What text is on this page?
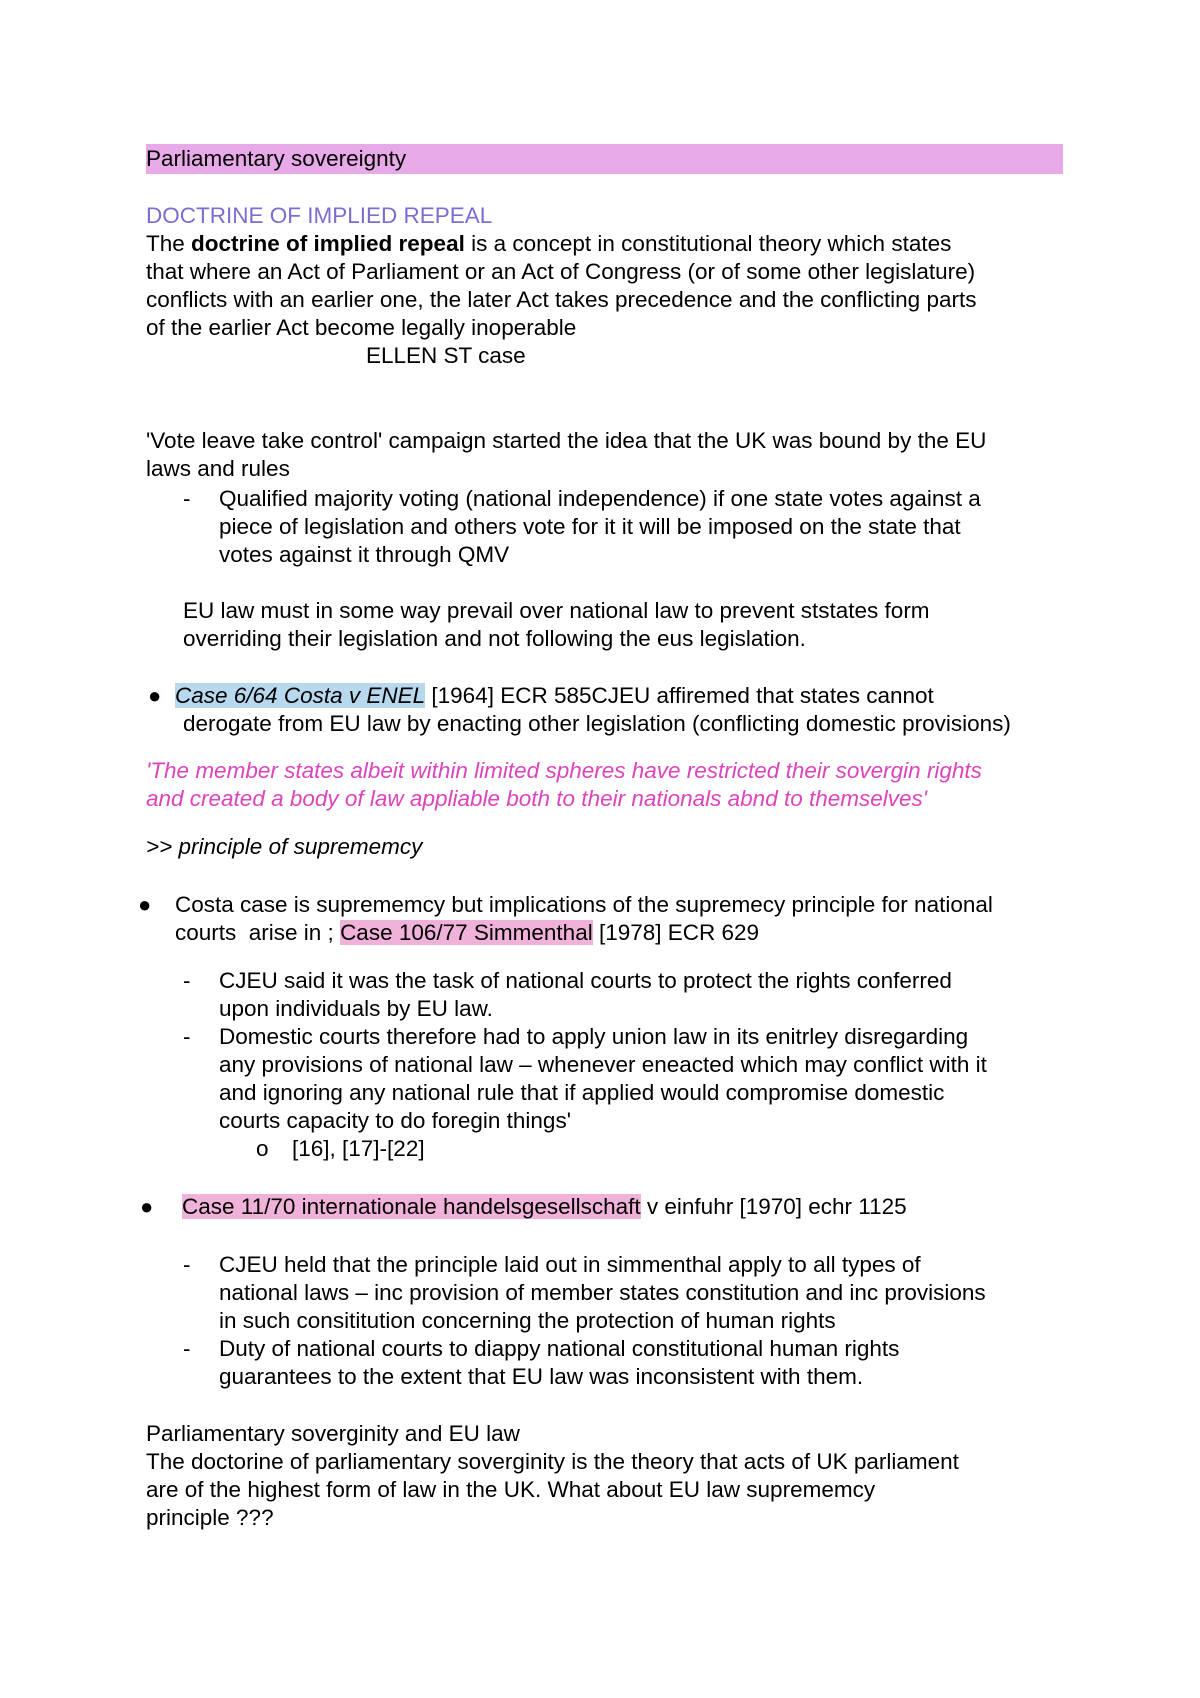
Parliamentary sovereignty
DOCTRINE OF IMPLIED REPEAL
The doctrine of implied repeal is a concept in constitutional theory which states
that where an Act of Parliament or an Act of Congress (or of some other legislature)
conflicts with an earlier one, the later Act takes precedence and the conflicting parts
of the earlier Act become legally inoperable
ELLEN ST case
'Vote leave take control' campaign started the idea that the UK was bound by the EU
laws and rules
- Qualified majority voting (national independence) if one state votes against a
piece of legislation and others vote for it it will be imposed on the state that
votes against it through QMV
EU law must in some way prevail over national law to prevent ststates form
overriding their legislation and not following the eus legislation.
● Case 6/64 Costa v ENEL [1964] ECR 585CJEU affiremed that states cannot
derogate from EU law by enacting other legislation (conflicting domestic provisions)
'The member states albeit within limited spheres have restricted their sovergin rights
and created a body of law appliable both to their nationals abnd to themselves'
>> principle of suprememcy
● Costa case is suprememcy but implications of the supremecy principle for national
courts  arise in ; Case 106/77 Simmenthal [1978] ECR 629
- CJEU said it was the task of national courts to protect the rights conferred
upon individuals by EU law.
- Domestic courts therefore had to apply union law in its enitrley disregarding
any provisions of national law – whenever eneacted which may conflict with it
and ignoring any national rule that if applied would compromise domestic
courts capacity to do foregin things'
o [16], [17]-[22]
● Case 11/70 internationale handelsgesellschaft v einfuhr [1970] echr 1125
- CJEU held that the principle laid out in simmenthal apply to all types of
national laws – inc provision of member states constitution and inc provisions
in such consititution concerning the protection of human rights
- Duty of national courts to diappy national constitutional human rights
guarantees to the extent that EU law was inconsistent with them.
Parliamentary soverginity and EU law
The doctorine of parliamentary soverginity is the theory that acts of UK parliament
are of the highest form of law in the UK. What about EU law suprememcy
principle ???
